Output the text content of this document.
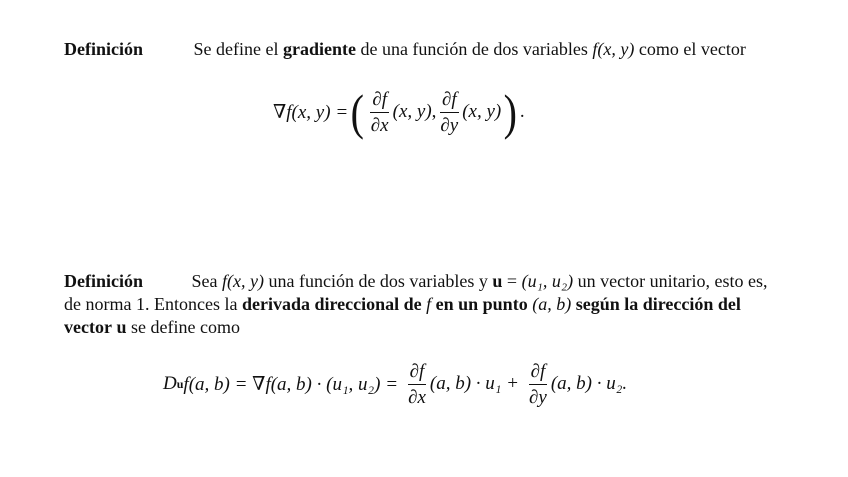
Definición	Se define el gradiente de una función de dos variables f(x, y) como el vector
∇f(x, y) = ( $\frac{\partial f}{\partial x} (x$, y) , $\frac{\partial f}{\partial y} (x$, y) ) .
Definición	Sea f(x, y) una función de dos variables y u = (u₁, u₂) un vector unitario, esto es, de norma 1. Entonces la derivada direccional de f en un punto (a, b) según la dirección del vector u se define como
D u f(a, b) = ∇f(a, b) · (u₁, $u_2) = \frac{\partial f}{\partial x} (a$, $b) \cdot u_1 + \frac{\partial f}{\partial y} (a$, b) · u₂.
